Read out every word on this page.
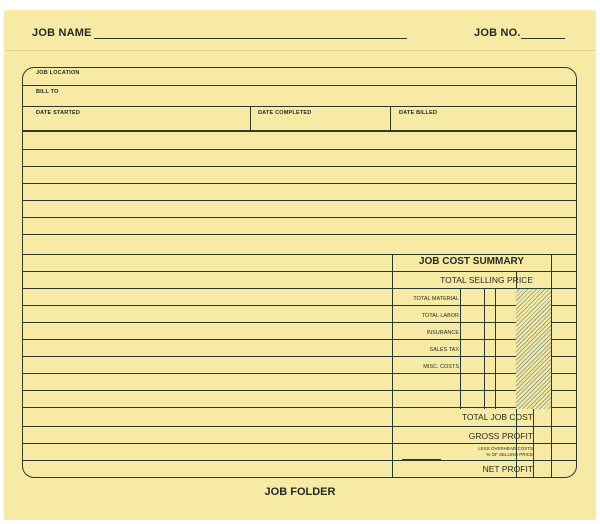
JOB NAME	JOB NO.
JOB LOCATION
BILL TO
DATE STARTED	DATE COMPLETED	DATE BILLED
JOB COST SUMMARY
TOTAL SELLING PRICE
TOTAL MATERIAL
TOTAL LABOR
INSURANCE
SALES TAX
MISC. COSTS
TOTAL JOB COST
GROSS PROFIT
LESS OVERHEAD COSTS
% OF SELLING PRICE
NET PROFIT
JOB FOLDER
